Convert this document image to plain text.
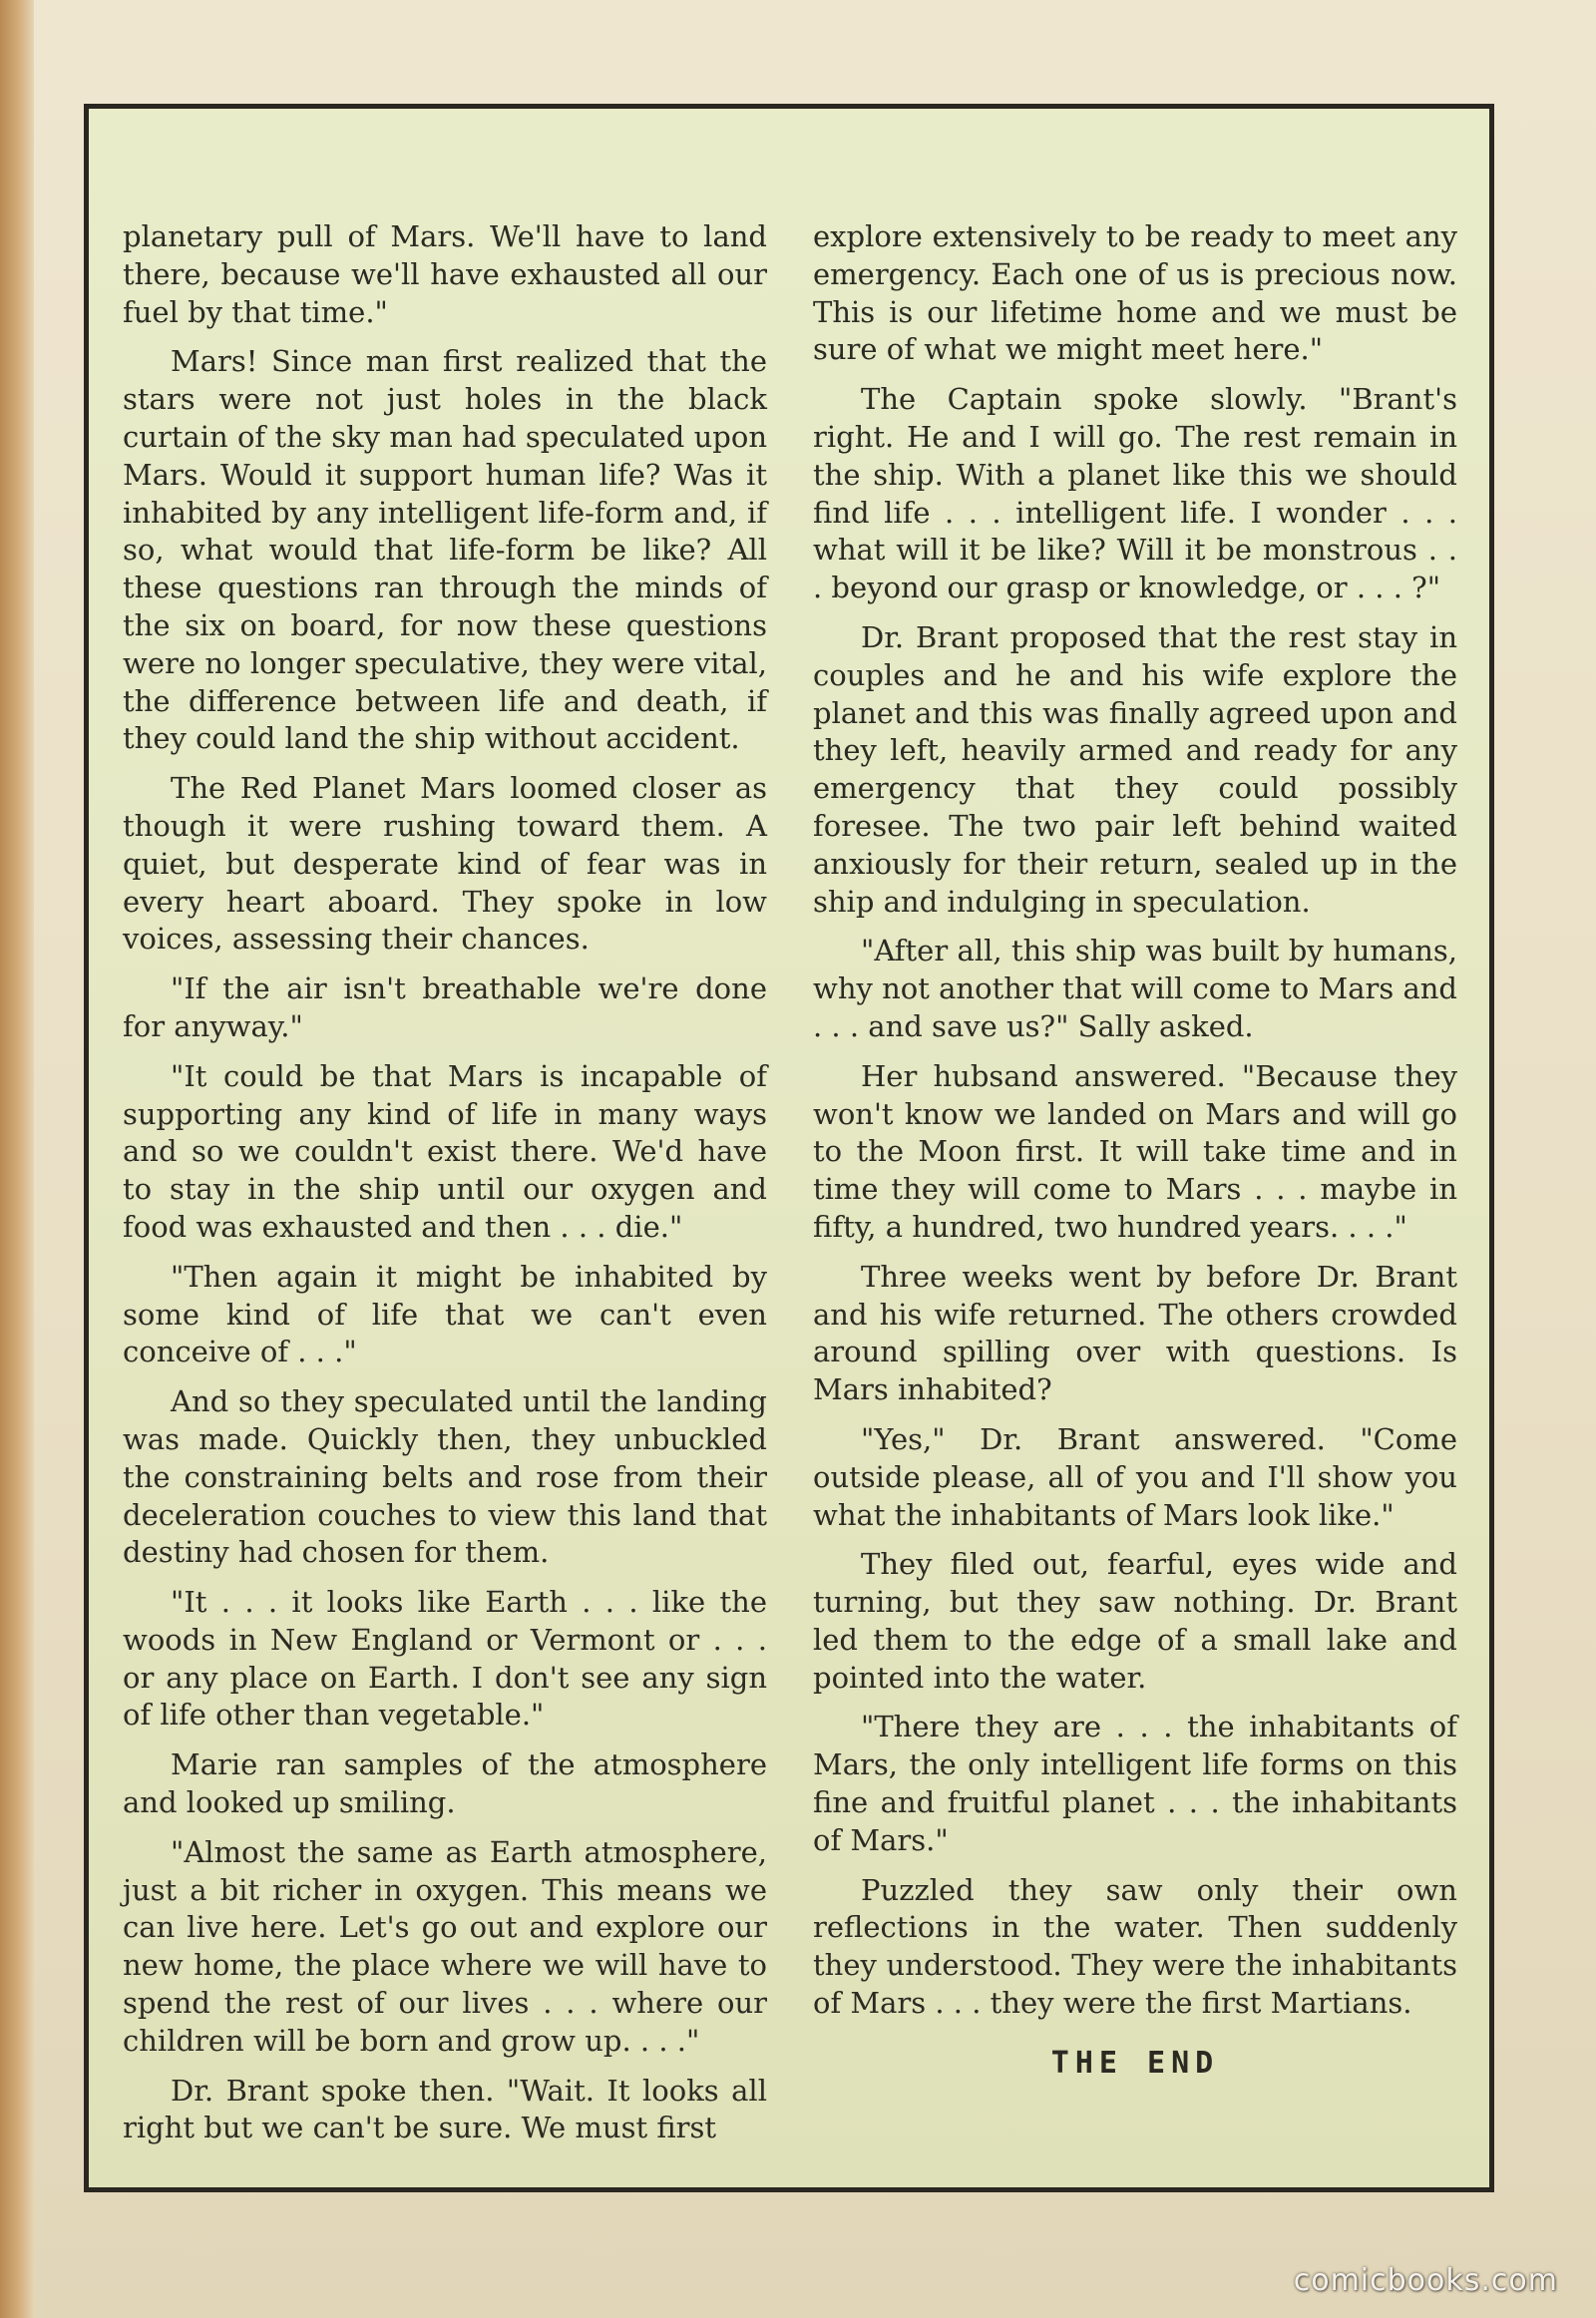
planetary pull of Mars. We'll have to land there, because we'll have exhausted all our fuel by that time."

Mars! Since man first realized that the stars were not just holes in the black curtain of the sky man had speculated upon Mars. Would it support human life? Was it inhabited by any intelligent life-form and, if so, what would that life-form be like? All these questions ran through the minds of the six on board, for now these questions were no longer speculative, they were vital, the difference between life and death, if they could land the ship without accident.

The Red Planet Mars loomed closer as though it were rushing toward them. A quiet, but desperate kind of fear was in every heart aboard. They spoke in low voices, assessing their chances.

"If the air isn't breathable we're done for anyway."

"It could be that Mars is incapable of supporting any kind of life in many ways and so we couldn't exist there. We'd have to stay in the ship until our oxygen and food was exhausted and then . . . die."

"Then again it might be inhabited by some kind of life that we can't even conceive of . . ."

And so they speculated until the landing was made. Quickly then, they unbuckled the constraining belts and rose from their deceleration couches to view this land that destiny had chosen for them.

"It . . . it looks like Earth . . . like the woods in New England or Vermont or . . . or any place on Earth. I don't see any sign of life other than vegetable."

Marie ran samples of the atmosphere and looked up smiling.

"Almost the same as Earth atmosphere, just a bit richer in oxygen. This means we can live here. Let's go out and explore our new home, the place where we will have to spend the rest of our lives . . . where our children will be born and grow up. . . ."

Dr. Brant spoke then. "Wait. It looks all right but we can't be sure. We must first

explore extensively to be ready to meet any emergency. Each one of us is precious now. This is our lifetime home and we must be sure of what we might meet here."

The Captain spoke slowly. "Brant's right. He and I will go. The rest remain in the ship. With a planet like this we should find life . . . intelligent life. I wonder . . . what will it be like? Will it be monstrous . . . beyond our grasp or knowledge, or . . . ?"

Dr. Brant proposed that the rest stay in couples and he and his wife explore the planet and this was finally agreed upon and they left, heavily armed and ready for any emergency that they could possibly foresee. The two pair left behind waited anxiously for their return, sealed up in the ship and indulging in speculation.

"After all, this ship was built by humans, why not another that will come to Mars and . . . and save us?" Sally asked.

Her hubsand answered. "Because they won't know we landed on Mars and will go to the Moon first. It will take time and in time they will come to Mars . . . maybe in fifty, a hundred, two hundred years. . . ."

Three weeks went by before Dr. Brant and his wife returned. The others crowded around spilling over with questions. Is Mars inhabited?

"Yes," Dr. Brant answered. "Come outside please, all of you and I'll show you what the inhabitants of Mars look like."

They filed out, fearful, eyes wide and turning, but they saw nothing. Dr. Brant led them to the edge of a small lake and pointed into the water.

"There they are . . . the inhabitants of Mars, the only intelligent life forms on this fine and fruitful planet . . . the inhabitants of Mars."

Puzzled they saw only their own reflections in the water. Then suddenly they understood. They were the inhabitants of Mars . . . they were the first Martians.

THE END
comicbooks.com
